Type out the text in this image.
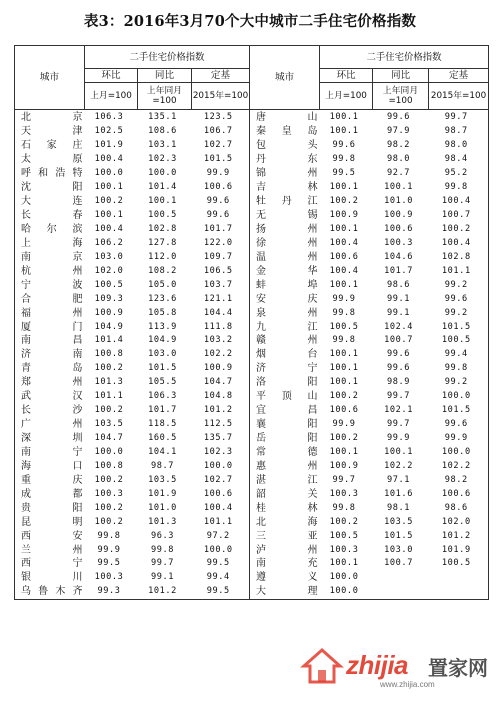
表3：2016年3月70个大中城市二手住宅价格指数
城市	二手住宅价格指数			城市	二手住宅价格指数		
	环比	同比	定基		环比	同比	定基
	上月=100	上年同月=100	2015年=100		上月=100	上年同月=100	2015年=100
北京	106.3	135.1	123.5	唐山	100.1	99.6	99.7
天津	102.5	108.6	106.7	秦皇岛	100.1	97.9	98.7
石家庄	101.9	103.1	102.7	包头	99.6	98.2	98.0
太原	100.4	102.3	101.5	丹东	99.8	98.0	98.4
呼和浩特	100.0	100.0	99.9	锦州	99.5	92.7	95.2
沈阳	100.1	101.4	100.6	吉林	100.1	100.1	99.8
大连	100.2	100.1	99.6	牡丹江	100.2	101.0	100.4
长春	100.1	100.5	99.6	无锡	100.9	100.9	100.7
哈尔滨	100.4	102.8	101.7	扬州	100.1	100.6	100.2
上海	106.2	127.8	122.0	徐州	100.4	100.3	100.4
南京	103.0	112.0	109.7	温州	100.6	104.6	102.8
杭州	102.0	108.2	106.5	金华	100.4	101.7	101.1
宁波	100.5	105.0	103.7	蚌埠	100.1	98.6	99.2
合肥	109.3	123.6	121.1	安庆	99.9	99.1	99.6
福州	100.9	105.8	104.4	泉州	99.8	99.1	99.2
厦门	104.9	113.9	111.8	九江	100.5	102.4	101.5
南昌	101.4	104.9	103.2	赣州	99.8	100.7	100.5
济南	100.8	103.0	102.2	烟台	100.1	99.6	99.4
青岛	100.2	101.5	100.9	济宁	100.1	99.6	99.8
郑州	101.3	105.5	104.7	洛阳	100.1	98.9	99.2
武汉	101.1	106.3	104.8	平顶山	100.2	99.7	100.0
长沙	100.2	101.7	101.2	宜昌	100.6	102.1	101.5
广州	103.5	118.5	112.5	襄阳	99.9	99.7	99.6
深圳	104.7	160.5	135.7	岳阳	100.2	99.9	99.9
南宁	100.0	104.1	102.3	常德	100.1	100.1	100.0
海口	100.8	98.7	100.0	惠州	100.9	102.2	102.2
重庆	100.2	103.5	102.7	湛江	99.7	97.1	98.2
成都	100.3	101.9	100.6	韶关	100.3	101.6	100.6
贵阳	100.2	101.0	100.4	桂林	99.8	98.1	98.6
昆明	100.2	101.3	101.1	北海	100.2	103.5	102.0
西安	99.8	96.3	97.2	三亚	100.5	101.5	101.2
兰州	99.9	99.8	100.0	泸州	100.3	103.0	101.9
西宁	99.5	99.7	99.5	南充	100.1	100.7	100.5
银川	100.3	99.1	99.4	遵义	100.0		
乌鲁木齐	99.3	101.2	99.5	大理	100.0		
zhijia 置家网
www.zhijia.com
